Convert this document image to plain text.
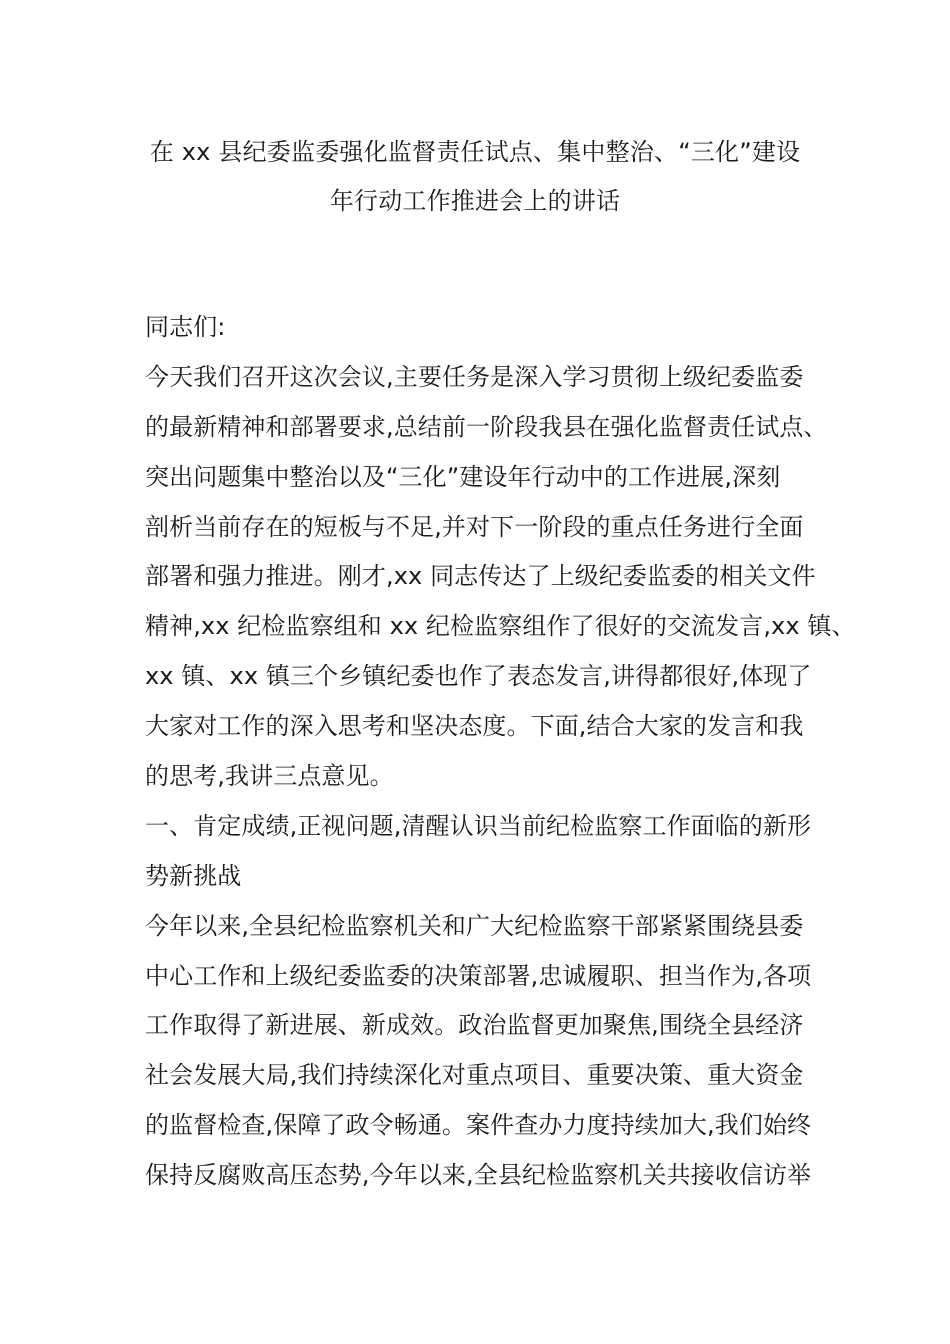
在 xx 县纪委监委强化监督责任试点、集中整治、“三化”建设
年行动工作推进会上的讲话
同志们:
今天我们召开这次会议,主要任务是深入学习贯彻上级纪委监委
的最新精神和部署要求,总结前一阶段我县在强化监督责任试点、
突出问题集中整治以及“三化”建设年行动中的工作进展,深刻
剖析当前存在的短板与不足,并对下一阶段的重点任务进行全面
部署和强力推进。刚才,xx 同志传达了上级纪委监委的相关文件
精神,xx 纪检监察组和 xx 纪检监察组作了很好的交流发言,xx 镇、
xx 镇、xx 镇三个乡镇纪委也作了表态发言,讲得都很好,体现了
大家对工作的深入思考和坚决态度。下面,结合大家的发言和我
的思考,我讲三点意见。
一、肯定成绩,正视问题,清醒认识当前纪检监察工作面临的新形
势新挑战
今年以来,全县纪检监察机关和广大纪检监察干部紧紧围绕县委
中心工作和上级纪委监委的决策部署,忠诚履职、担当作为,各项
工作取得了新进展、新成效。政治监督更加聚焦,围绕全县经济
社会发展大局,我们持续深化对重点项目、重要决策、重大资金
的监督检查,保障了政令畅通。案件查办力度持续加大,我们始终
保持反腐败高压态势,今年以来,全县纪检监察机关共接收信访举
